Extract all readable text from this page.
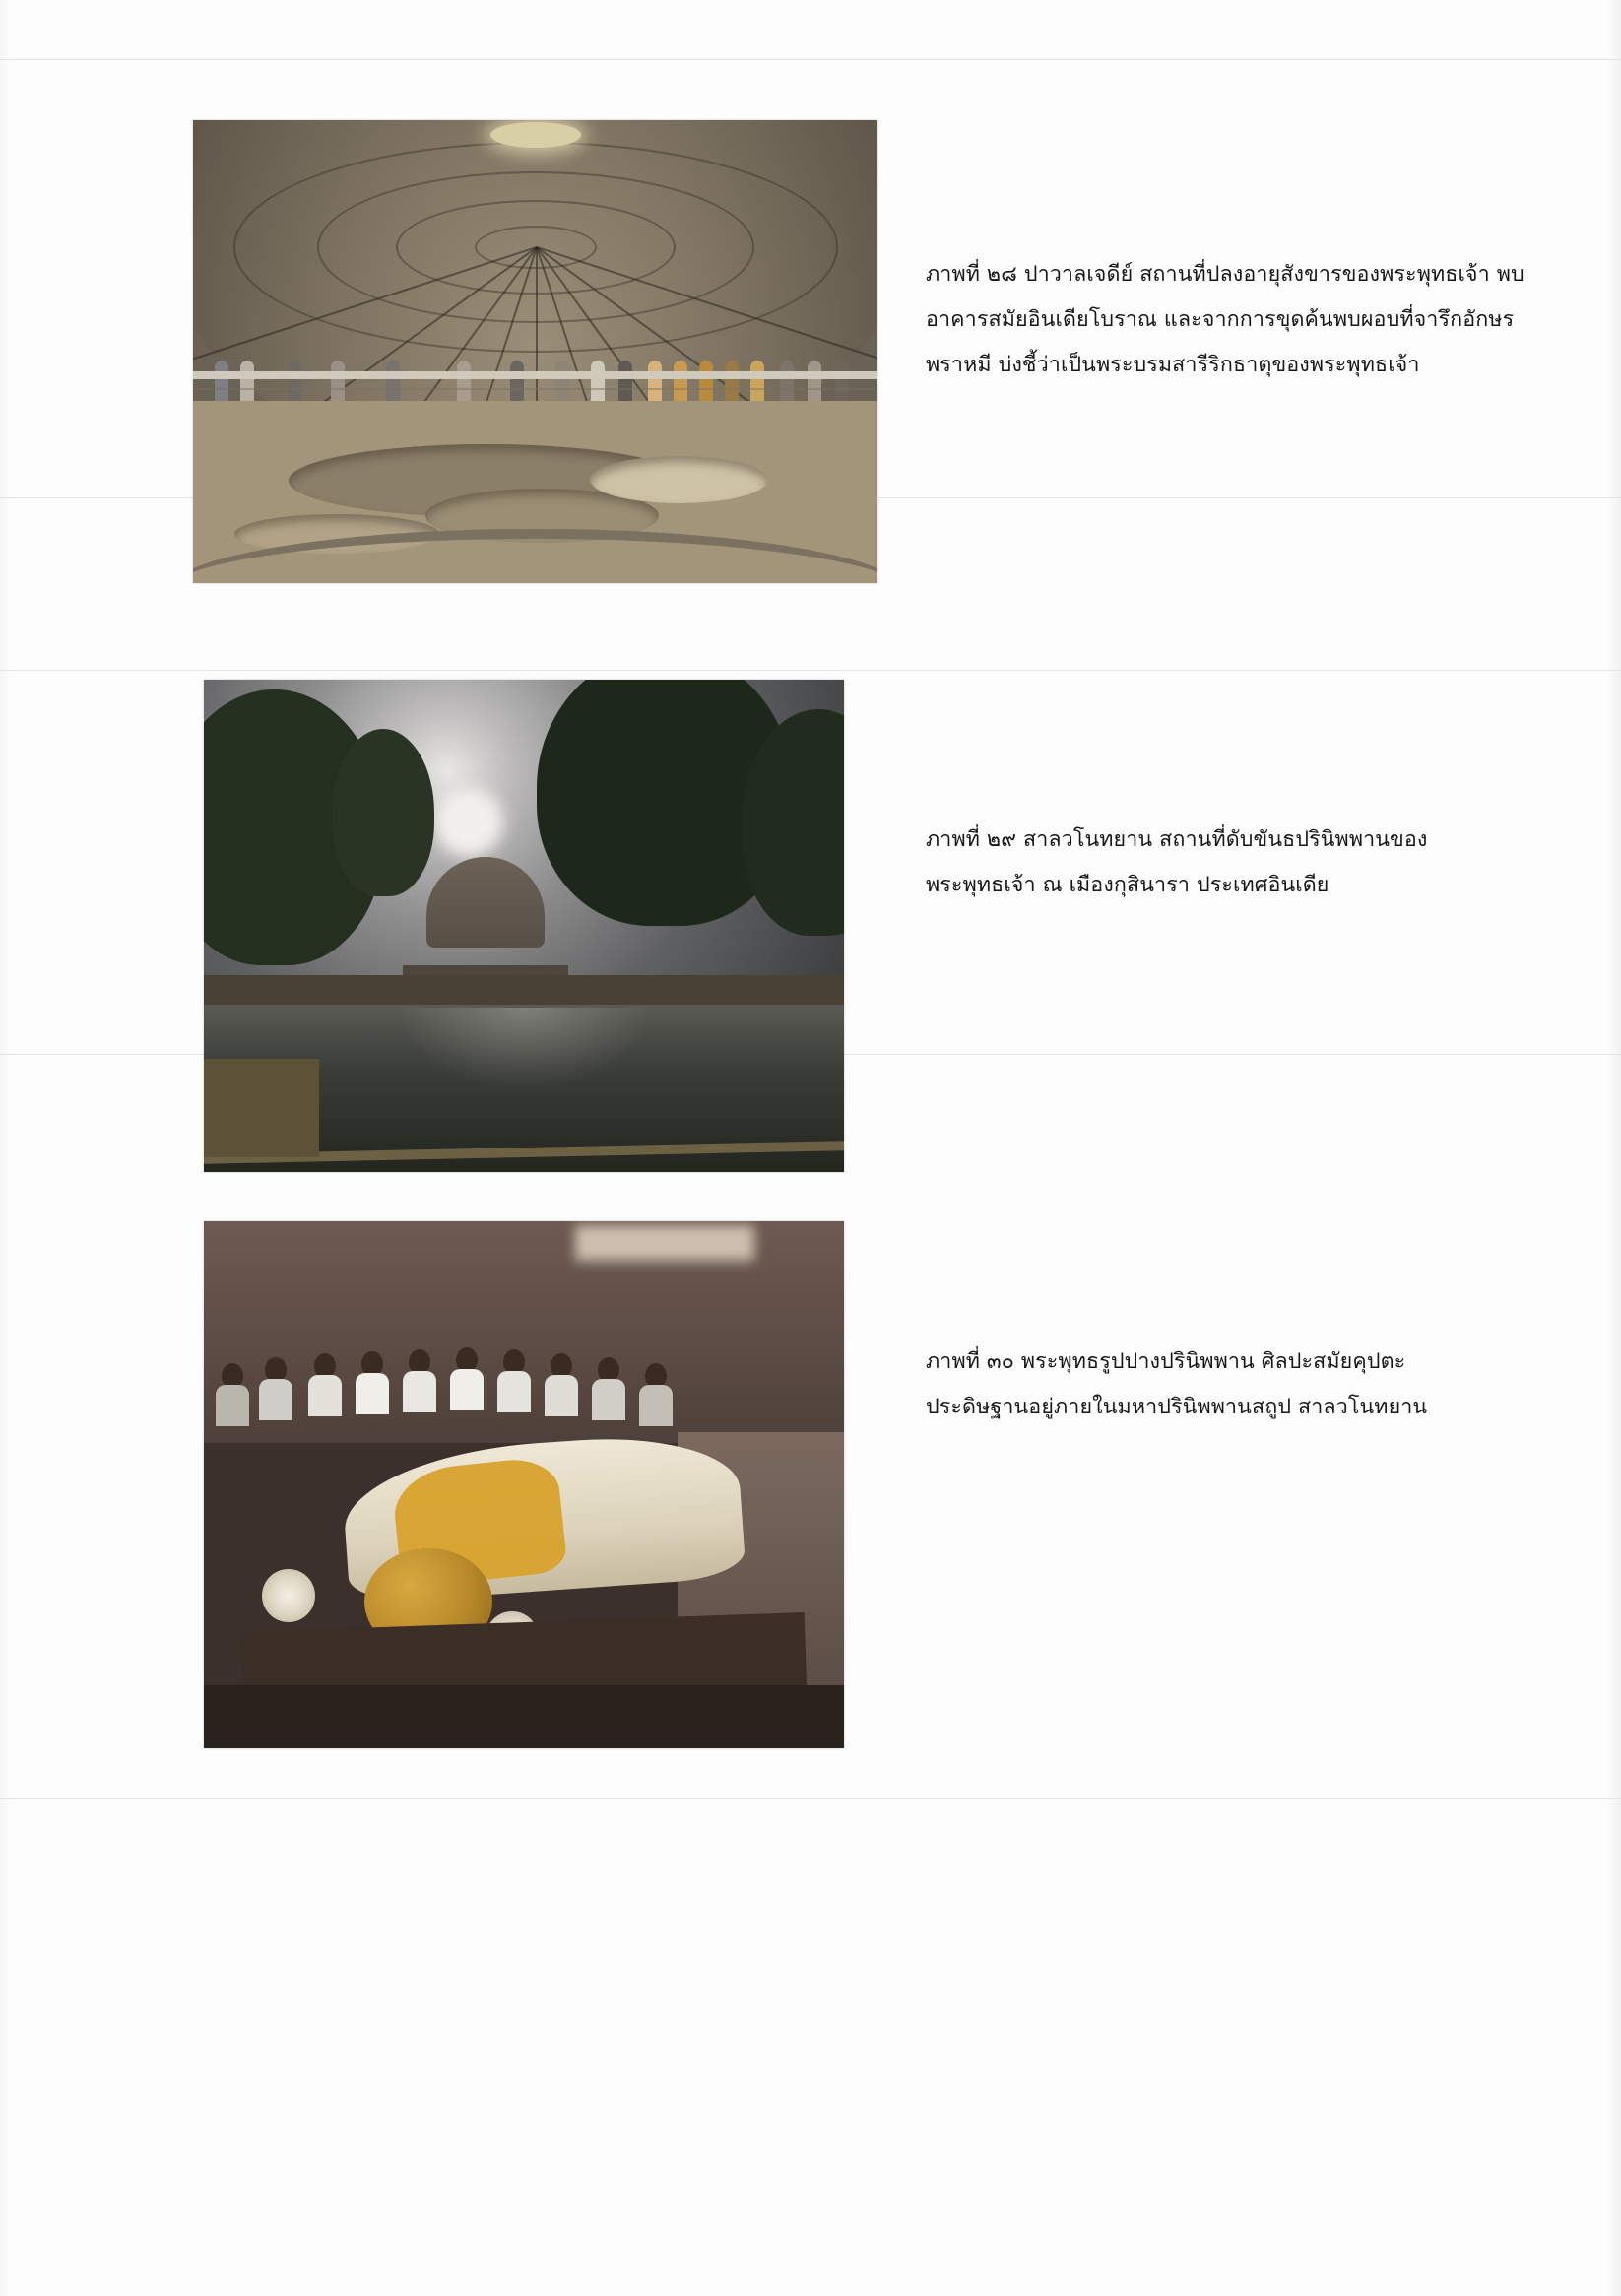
ภาพที่ ๒๘ ปาวาลเจดีย์ สถานที่ปลงอายุสังขารของพระพุทธเจ้า พบอาคารสมัยอินเดียโบราณ และจากการขุดค้นพบผอบที่จารึกอักษรพราหมี บ่งชี้ว่าเป็นพระบรมสารีริกธาตุของพระพุทธเจ้า

ภาพที่ ๒๙ สาลวโนทยาน สถานที่ดับขันธปรินิพพานของพระพุทธเจ้า ณ เมืองกุสินารา ประเทศอินเดีย

ภาพที่ ๓๐ พระพุทธรูปปางปรินิพพาน ศิลปะสมัยคุปตะ ประดิษฐานอยู่ภายในมหาปรินิพพานสถูป สาลวโนทยาน
